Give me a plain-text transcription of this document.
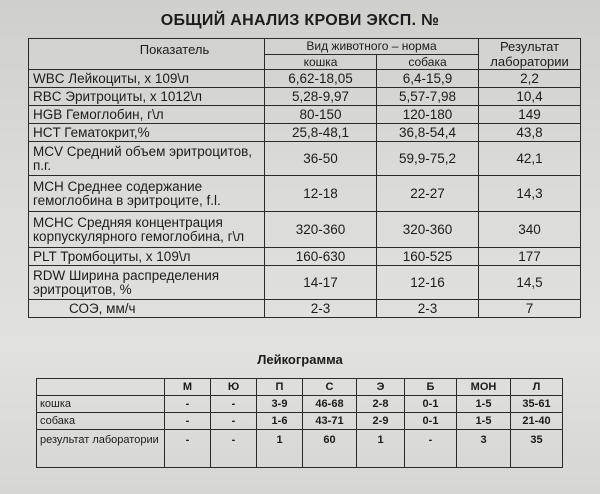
ОБЩИЙ АНАЛИЗ КРОВИ ЭКСП. №
Показатель	Вид животного – норма		Результат лаборатории
	кошка	собака	
WBC Лейкоциты, х 109\л	6,62-18,05	6,4-15,9	2,2
RBC Эритроциты, х 1012\л	5,28-9,97	5,57-7,98	10,4
HGB Гемоглобин, г\л	80-150	120-180	149
HCT Гематокрит,%	25,8-48,1	36,8-54,4	43,8
MCV Средний объем эритроцитов, п.г.	36-50	59,9-75,2	42,1
MCH Среднее содержание гемоглобина в эритроците, f.l.	12-18	22-27	14,3
MCHC Средняя концентрация корпускулярного гемоглобина, г\л	320-360	320-360	340
PLT Тромбоциты, х 109\л	160-630	160-525	177
RDW Ширина распределения эритроцитов, %	14-17	12-16	14,5
СОЭ, мм/ч	2-3	2-3	7
Лейкограмма
	М	Ю	П	С	Э	Б	МОН	Л
кошка	-	-	3-9	46-68	2-8	0-1	1-5	35-61
собака	-	-	1-6	43-71	2-9	0-1	1-5	21-40
результат лаборатории	-	-	1	60	1	-	3	35
